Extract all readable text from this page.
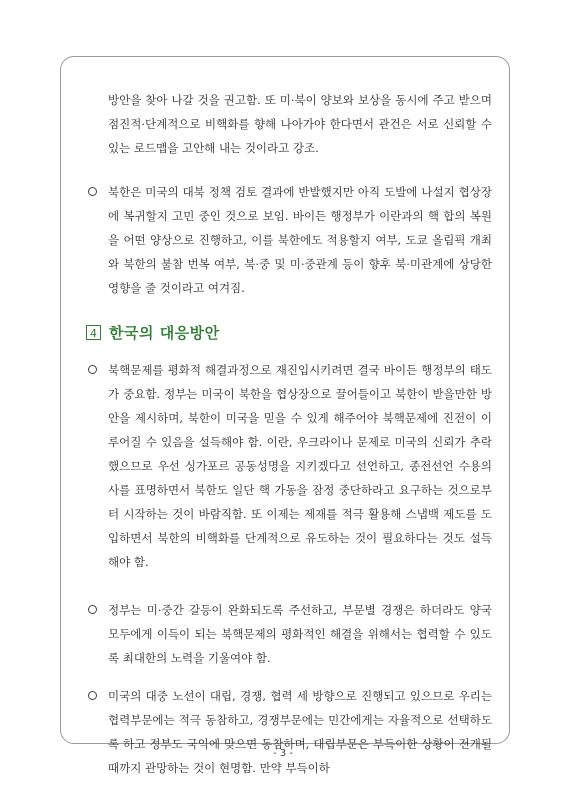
방안을 찾아 나갈 것을 권고함. 또 미·북이 양보와 보상을 동시에 주고 받으며 점진적·단계적으로 비핵화를 향해 나아가야 한다면서 관건은 서로 신뢰할 수 있는 로드맵을 고안해 내는 것이라고 강조.

북한은 미국의 대북 정책 검토 결과에 반발했지만 아직 도발에 나설지 협상장에 복귀할지 고민 중인 것으로 보임. 바이든 행정부가 이란과의 핵 합의 복원을 어떤 양상으로 진행하고, 이를 북한에도 적용할지 여부, 도쿄 올림픽 개최와 북한의 불참 번복 여부, 북·중 및 미·중관계 등이 향후 북·미관계에 상당한 영향을 줄 것이라고 여겨짐.

4 한국의 대응방안

북핵문제를 평화적 해결과정으로 재진입시키려면 결국 바이든 행정부의 태도가 중요함. 정부는 미국이 북한을 협상장으로 끌어들이고 북한이 받을만한 방안을 제시하며, 북한이 미국을 믿을 수 있게 해주어야 북핵문제에 진전이 이루어질 수 있음을 설득해야 함. 이란, 우크라이나 문제로 미국의 신뢰가 추락했으므로 우선 싱가포르 공동성명을 지키겠다고 선언하고, 종전선언 수용의사를 표명하면서 북한도 일단 핵 가동을 잠정 중단하라고 요구하는 것으로부터 시작하는 것이 바람직함. 또 이제는 제재를 적극 활용해 스냅백 제도를 도입하면서 북한의 비핵화를 단계적으로 유도하는 것이 필요하다는 것도 설득해야 함.

정부는 미·중간 갈등이 완화되도록 주선하고, 부문별 경쟁은 하더라도 양국 모두에게 이득이 되는 북핵문제의 평화적인 해결을 위해서는 협력할 수 있도록 최대한의 노력을 기울여야 함.

미국의 대중 노선이 대립, 경쟁, 협력 세 방향으로 진행되고 있으므로 우리는 협력부문에는 적극 동참하고, 경쟁부문에는 민간에게는 자율적으로 선택하도록 하고 정부도 국익에 맞으면 동참하며, 대립부문은 부득이한 상황이 전개될 때까지 관망하는 것이 현명함. 만약 부득이하

- 3 -
